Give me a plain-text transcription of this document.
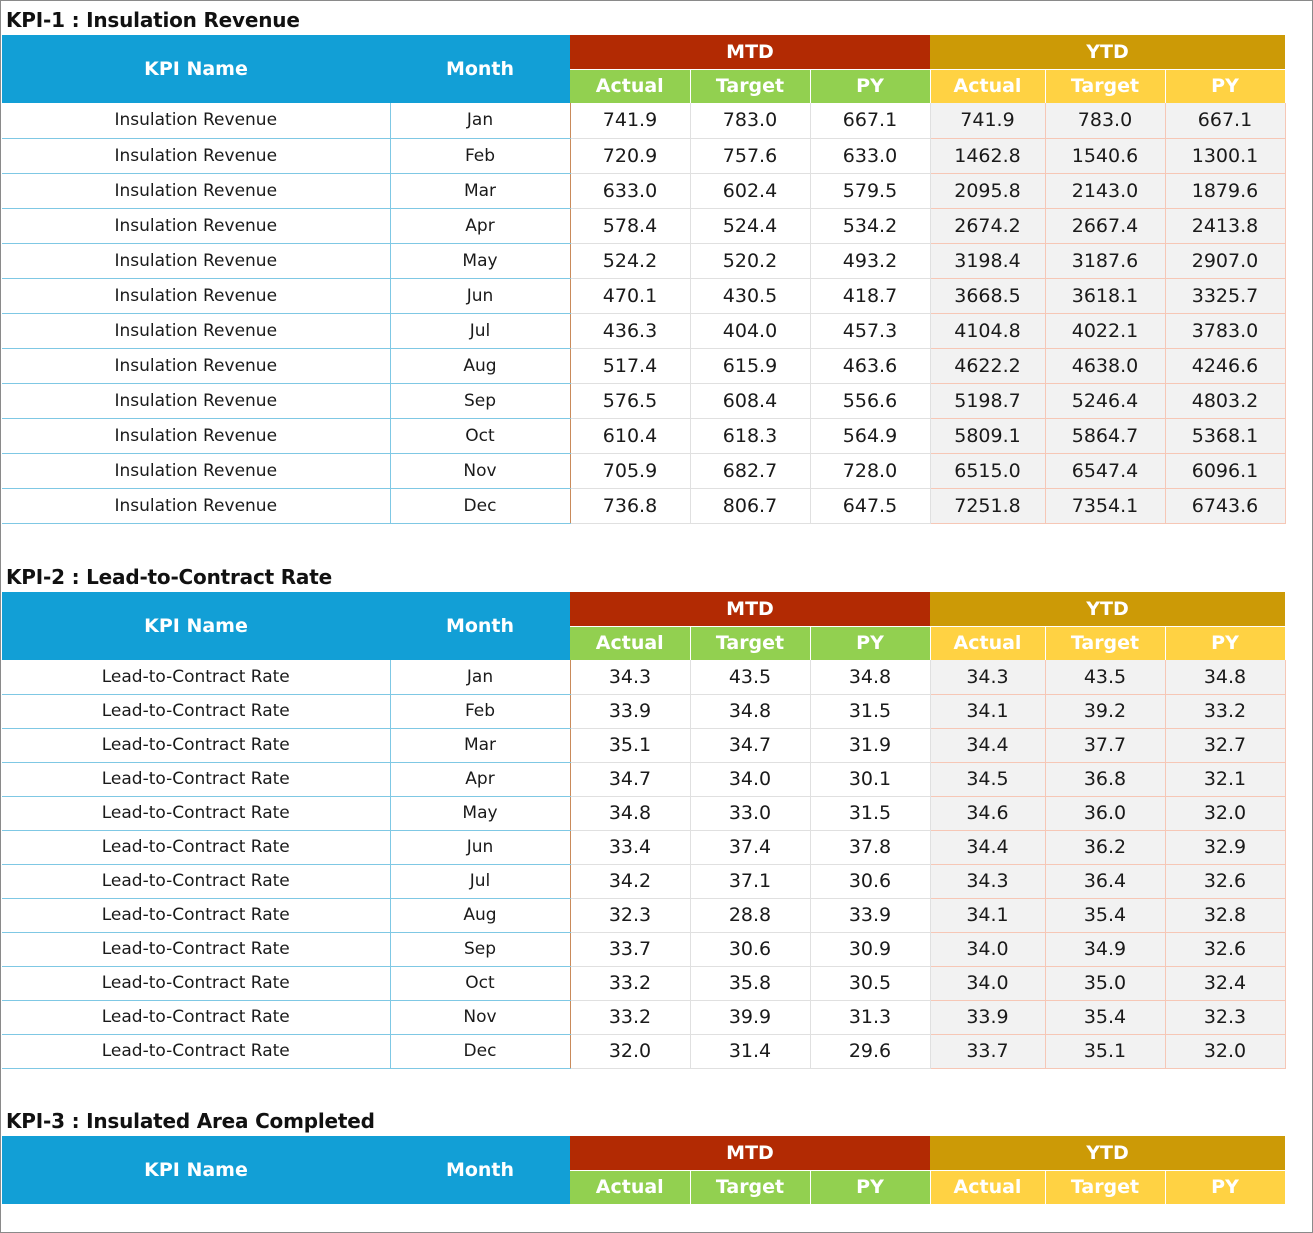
KPI-1 : Insulation Revenue
KPI Name	Month	MTD			YTD		
		Actual	Target	PY	Actual	Target	PY
Insulation Revenue	Jan	741.9	783.0	667.1	741.9	783.0	667.1
Insulation Revenue	Feb	720.9	757.6	633.0	1462.8	1540.6	1300.1
Insulation Revenue	Mar	633.0	602.4	579.5	2095.8	2143.0	1879.6
Insulation Revenue	Apr	578.4	524.4	534.2	2674.2	2667.4	2413.8
Insulation Revenue	May	524.2	520.2	493.2	3198.4	3187.6	2907.0
Insulation Revenue	Jun	470.1	430.5	418.7	3668.5	3618.1	3325.7
Insulation Revenue	Jul	436.3	404.0	457.3	4104.8	4022.1	3783.0
Insulation Revenue	Aug	517.4	615.9	463.6	4622.2	4638.0	4246.6
Insulation Revenue	Sep	576.5	608.4	556.6	5198.7	5246.4	4803.2
Insulation Revenue	Oct	610.4	618.3	564.9	5809.1	5864.7	5368.1
Insulation Revenue	Nov	705.9	682.7	728.0	6515.0	6547.4	6096.1
Insulation Revenue	Dec	736.8	806.7	647.5	7251.8	7354.1	6743.6
KPI-2 : Lead-to-Contract Rate
KPI Name	Month	MTD			YTD		
		Actual	Target	PY	Actual	Target	PY
Lead-to-Contract Rate	Jan	34.3	43.5	34.8	34.3	43.5	34.8
Lead-to-Contract Rate	Feb	33.9	34.8	31.5	34.1	39.2	33.2
Lead-to-Contract Rate	Mar	35.1	34.7	31.9	34.4	37.7	32.7
Lead-to-Contract Rate	Apr	34.7	34.0	30.1	34.5	36.8	32.1
Lead-to-Contract Rate	May	34.8	33.0	31.5	34.6	36.0	32.0
Lead-to-Contract Rate	Jun	33.4	37.4	37.8	34.4	36.2	32.9
Lead-to-Contract Rate	Jul	34.2	37.1	30.6	34.3	36.4	32.6
Lead-to-Contract Rate	Aug	32.3	28.8	33.9	34.1	35.4	32.8
Lead-to-Contract Rate	Sep	33.7	30.6	30.9	34.0	34.9	32.6
Lead-to-Contract Rate	Oct	33.2	35.8	30.5	34.0	35.0	32.4
Lead-to-Contract Rate	Nov	33.2	39.9	31.3	33.9	35.4	32.3
Lead-to-Contract Rate	Dec	32.0	31.4	29.6	33.7	35.1	32.0
KPI-3 : Insulated Area Completed
KPI Name	Month	MTD			YTD		
		Actual	Target	PY	Actual	Target	PY
